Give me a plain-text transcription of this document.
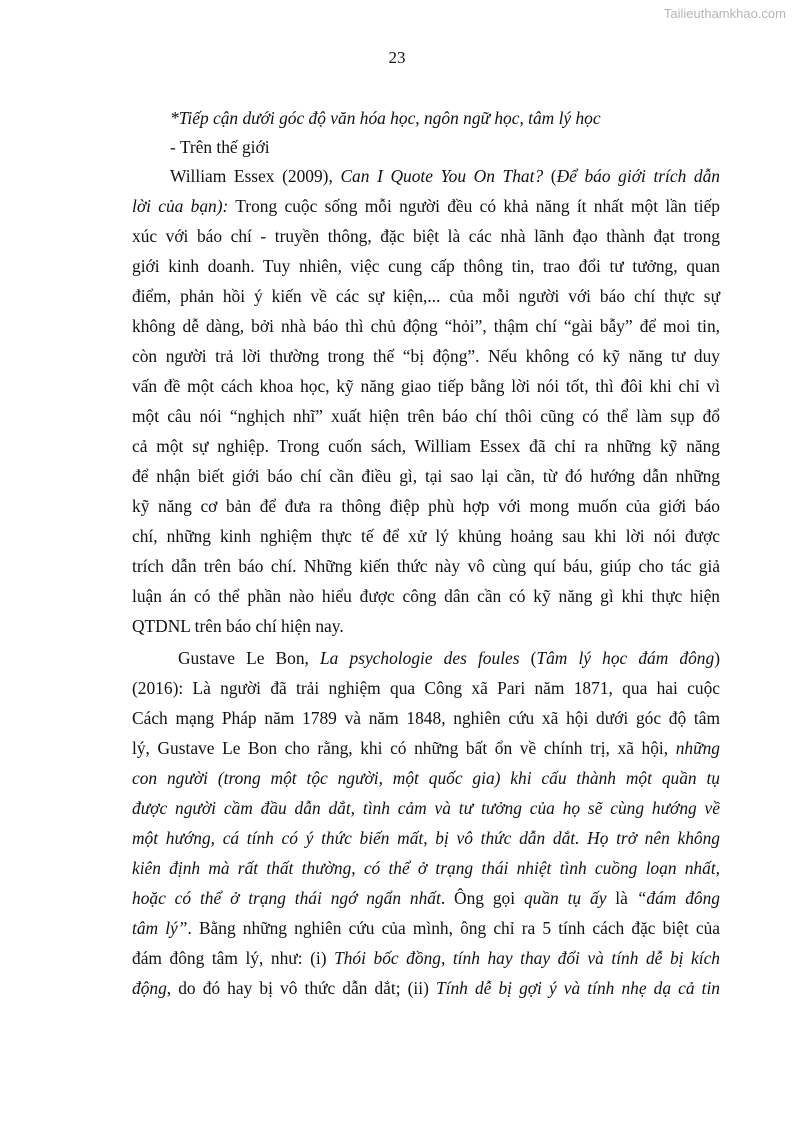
Tailieuthamkhao.com
23
*Tiếp cận dưới góc độ văn hóa học, ngôn ngữ học, tâm lý học
- Trên thế giới
William Essex (2009), Can I Quote You On That? (Để báo giới trích dẫn
lời của bạn): Trong cuộc sống mỗi người đều có khả năng ít nhất một lần tiếp
xúc với báo chí - truyền thông, đặc biệt là các nhà lãnh đạo thành đạt trong
giới kinh doanh. Tuy nhiên, việc cung cấp thông tin, trao đổi tư tưởng, quan
điểm, phản hồi ý kiến về các sự kiện,... của mỗi người với báo chí thực sự
không dễ dàng, bởi nhà báo thì chủ động “hỏi”, thậm chí “gài bẫy” để moi tin,
còn người trả lời thường trong thế “bị động”. Nếu không có kỹ năng tư duy
vấn đề một cách khoa học, kỹ năng giao tiếp bằng lời nói tốt, thì đôi khi chỉ vì
một câu nói “nghịch nhĩ” xuất hiện trên báo chí thôi cũng có thể làm sụp đổ
cả một sự nghiệp. Trong cuốn sách, William Essex đã chỉ ra những kỹ năng
để nhận biết giới báo chí cần điều gì, tại sao lại cần, từ đó hướng dẫn những
kỹ năng cơ bản để đưa ra thông điệp phù hợp với mong muốn của giới báo
chí, những kinh nghiệm thực tế để xử lý khủng hoảng sau khi lời nói được
trích dẫn trên báo chí. Những kiến thức này vô cùng quí báu, giúp cho tác giả
luận án có thể phần nào hiểu được công dân cần có kỹ năng gì khi thực hiện
QTDNL trên báo chí hiện nay.
Gustave Le Bon, La psychologie des foules (Tâm lý học đám đông)
(2016): Là người đã trải nghiệm qua Công xã Pari năm 1871, qua hai cuộc
Cách mạng Pháp năm 1789 và năm 1848, nghiên cứu xã hội dưới góc độ tâm
lý, Gustave Le Bon cho rằng, khi có những bất ổn về chính trị, xã hội, những
con người (trong một tộc người, một quốc gia) khi cấu thành một quần tụ
được người cầm đầu dẫn dắt, tình cảm và tư tưởng của họ sẽ cùng hướng về
một hướng, cá tính có ý thức biến mất, bị vô thức dẫn dắt. Họ trở nên không
kiên định mà rất thất thường, có thể ở trạng thái nhiệt tình cuồng loạn nhất,
hoặc có thể ở trạng thái ngớ ngẩn nhất. Ông gọi quần tụ ấy là “đám đông
tâm lý”. Bằng những nghiên cứu của mình, ông chỉ ra 5 tính cách đặc biệt của
đám đông tâm lý, như: (i) Thói bốc đồng, tính hay thay đổi và tính dễ bị kích
động, do đó hay bị vô thức dẫn dắt; (ii) Tính dễ bị gợi ý và tính nhẹ dạ cả tin
